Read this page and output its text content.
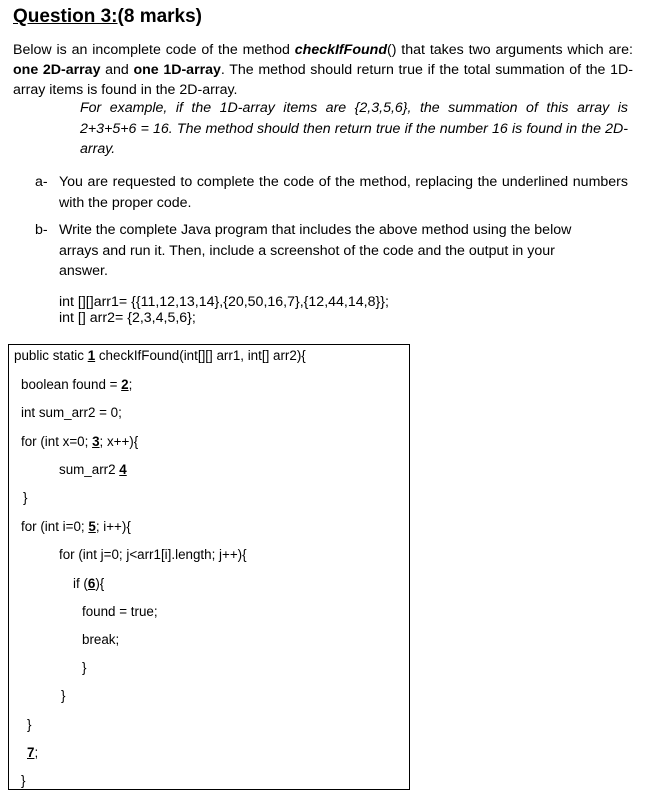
Question 3:(8 marks)
Below is an incomplete code of the method checkIfFound() that takes two arguments which are: one 2D-array and one 1D-array. The method should return true if the total summation of the 1D-array items is found in the 2D-array.
For example, if the 1D-array items are {2,3,5,6}, the summation of this array is 2+3+5+6 = 16. The method should then return true if the number 16 is found in the 2D-array.
a- You are requested to complete the code of the method, replacing the underlined numbers with the proper code.
b- Write the complete Java program that includes the above method using the below arrays and run it. Then, include a screenshot of the code and the output in your answer.
int [][]arr1= {{11,12,13,14},{20,50,16,7},{12,44,14,8}};
int [] arr2= {2,3,4,5,6};
public static 1 checkIfFound(int[][] arr1, int[] arr2){
boolean found = 2;
int sum_arr2 = 0;
for (int x=0; 3; x++){
sum_arr2 4
}
for (int i=0; 5; i++){
for (int j=0; j<arr1[i].length; j++){
if (6){
found = true;
break;
}
}
}
7;
}
